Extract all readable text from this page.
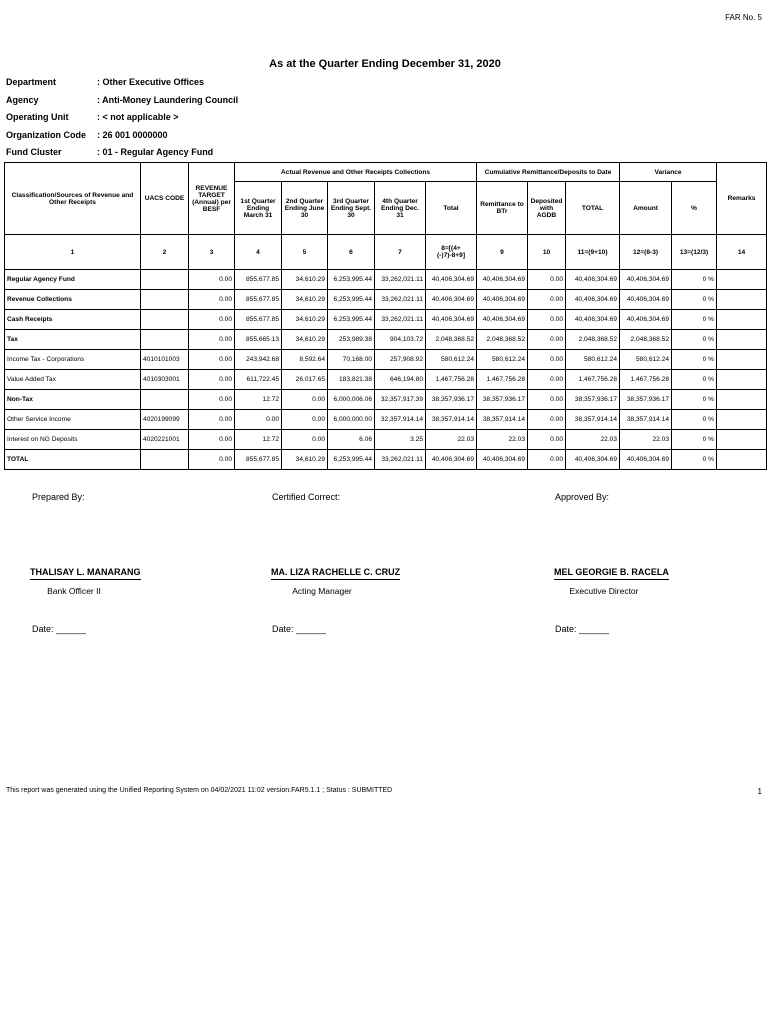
FAR No. 5
As at the Quarter Ending December 31, 2020
Department	: Other Executive Offices
Agency	: Anti-Money Laundering Council
Operating Unit	: < not applicable >
Organization Code	: 26 001 0000000
Fund Cluster	: 01 - Regular Agency Fund
Classification/Sources of Revenue and Other Receipts	UACS CODE	REVENUE TARGET (Annual) per BESF	Actual Revenue and Other Receipts Collections					Cumulative Remittance/Deposits to Date			Variance		Remarks
			1st Quarter Ending March 31	2nd Quarter Ending June 30	3rd Quarter Ending Sept. 30	4th Quarter Ending Dec. 31	Total	Remittance to BTr	Deposited with AGDB	TOTAL	Amount	%	
1	2	3	4	5	6	7	8=[(4+(-)7)-8+9]	9	10	11=(9+10)	12=(8-3)	13=(12/3)	14
Regular Agency Fund		0.00	855,677.85	34,610.29	6,253,995.44	33,262,021.11	40,406,304.69	40,406,304.69	0.00	40,406,304.69	40,406,304.69	0 %	
Revenue Collections		0.00	855,677.85	34,610.29	6,253,995.44	33,262,021.11	40,406,304.69	40,406,304.69	0.00	40,406,304.69	40,406,304.69	0 %	
Cash Receipts		0.00	855,677.85	34,610.29	6,253,995.44	33,262,021.11	40,406,304.69	40,406,304.69	0.00	40,406,304.69	40,406,304.69	0 %	
Tax		0.00	855,665.13	34,610.29	253,989.38	904,103.72	2,048,368.52	2,048,368.52	0.00	2,048,368.52	2,048,368.52	0 %	
Income Tax - Corporations	4010101003	0.00	243,942.68	8,592.64	70,168.00	257,908.92	580,612.24	580,612.24	0.00	580,612.24	580,612.24	0 %	
Value Added Tax	4010303001	0.00	611,722.45	26,017.65	183,821.38	646,194.80	1,467,756.28	1,467,756.28	0.00	1,467,756.28	1,467,756.28	0 %	
Non-Tax		0.00	12.72	0.00	6,000,006.06	32,357,917.39	38,357,936.17	38,357,936.17	0.00	38,357,936.17	38,357,936.17	0 %	
Other Service Income	4020199099	0.00	0.00	0.00	6,000,000.00	32,357,914.14	38,357,914.14	38,357,914.14	0.00	38,357,914.14	38,357,914.14	0 %	
Interest on NG Deposits	4020221001	0.00	12.72	0.00	6.06	3.25	22.03	22.03	0.00	22.03	22.03	0 %	
TOTAL		0.00	855,677.85	34,610.29	6,253,995.44	33,262,021.11	40,406,304.69	40,406,304.69	0.00	40,406,304.69	40,406,304.69	0 %	
Prepared By:	Certified Correct:	Approved By:
THALISAY L. MANARANG	MA. LIZA RACHELLE C. CRUZ	MEL GEORGIE B. RACELA
Bank Officer II	Acting Manager	Executive Director
Date: ______	Date: ______	Date: ______
This report was generated using the Unified Reporting System on 04/02/2021 11:02 version.FAR5.1.1 ; Status : SUBMITTED	1
